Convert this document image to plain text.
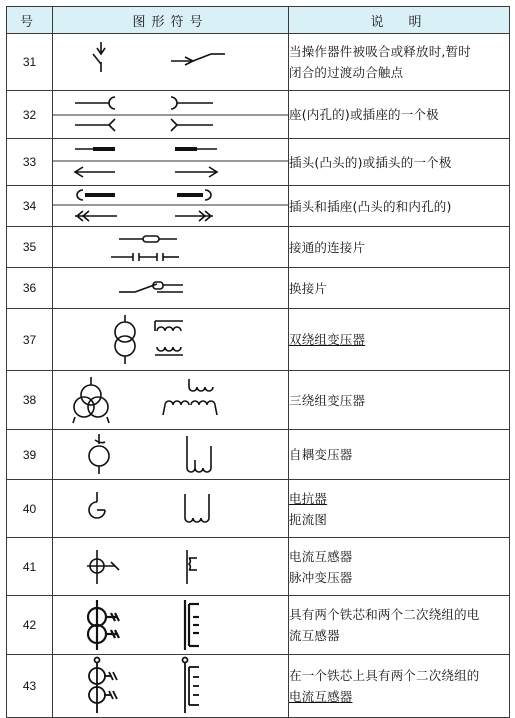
号	图形符号	说　明
31		当操作器件被吸合或释放时,暂时
闭合的过渡动合触点

32		座(内孔的)或插座的一个极

33		插头(凸头的)或插头的一个极

34		插头和插座(凸头的和内孔的)

35		接通的连接片

36		换接片

37		双绕组变压器

38		三绕组变压器

39		自耦变压器

40		电抗器
扼流图

41		电流互感器
脉冲变压器

42		具有两个铁芯和两个二次绕组的电
流互感器

43		在一个铁芯上具有两个二次绕组的
电流互感器
